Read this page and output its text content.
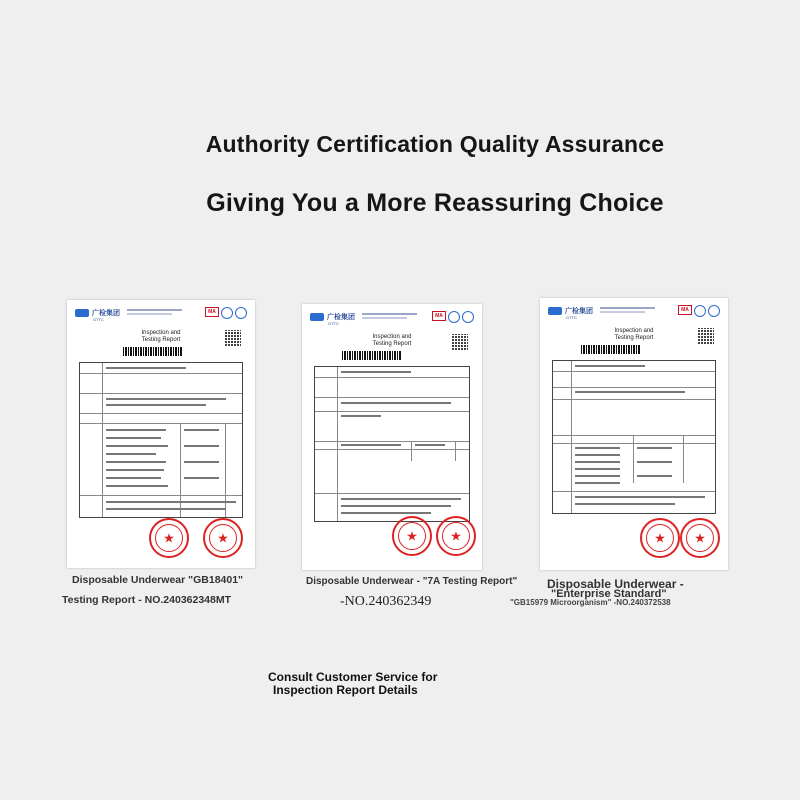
Authority Certification Quality Assurance
Giving You a More Reassuring Choice
广检集团
GTTC
MA
Inspection and
Testing Report
★	★
广检集团
GTTC
MA
Inspection and
Testing Report
★ ★
广检集团
GTTC
MA
Inspection and
Testing Report
★ ★
Disposable Underwear "GB18401"
Testing Report - NO.240362348MT
Disposable Underwear - "7A Testing Report"
-NO.240362349
Disposable Underwear -
"Enterprise Standard"
"GB15979 Microorganism" -NO.240372538
Consult Customer Service for
Inspection Report Details
